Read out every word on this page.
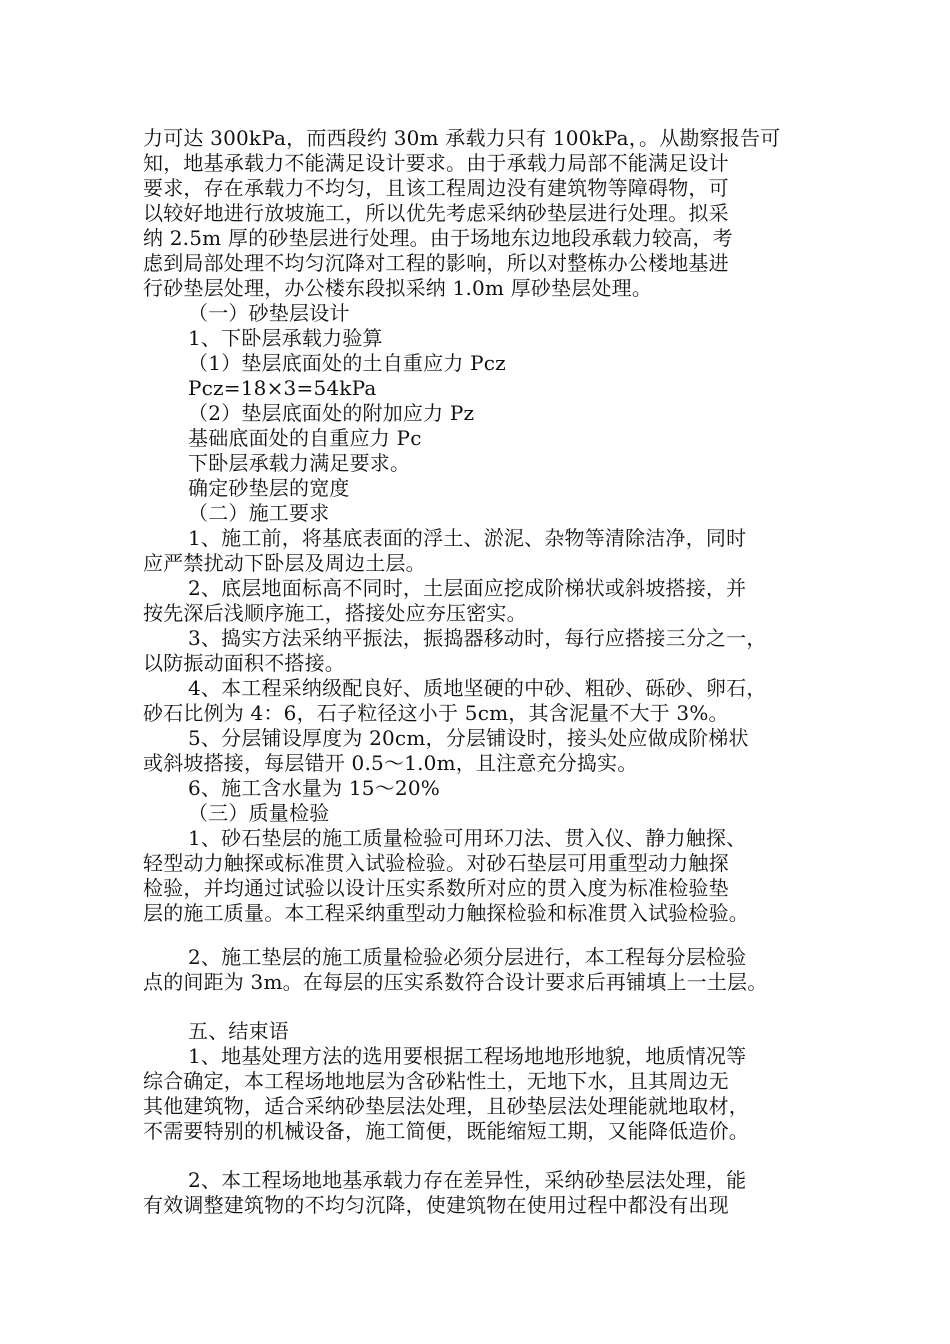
力可达 300kPa，而西段约 30m 承载力只有 100kPa，。从勘察报告可
知，地基承载力不能满足设计要求。由于承载力局部不能满足设计
要求，存在承载力不均匀，且该工程周边没有建筑物等障碍物，可
以较好地进行放坡施工，所以优先考虑采纳砂垫层进行处理。拟采
纳 2.5m 厚的砂垫层进行处理。由于场地东边地段承载力较高，考
虑到局部处理不均匀沉降对工程的影响，所以对整栋办公楼地基进
行砂垫层处理，办公楼东段拟采纳 1.0m 厚砂垫层处理。
（一）砂垫层设计
1、下卧层承载力验算
（1）垫层底面处的土自重应力 Pcz
Pcz=18×3=54kPa
（2）垫层底面处的附加应力 Pz
基础底面处的自重应力 Pc
下卧层承载力满足要求。
确定砂垫层的宽度
（二）施工要求
1、施工前，将基底表面的浮土、淤泥、杂物等清除洁净，同时
应严禁扰动下卧层及周边土层。
2、底层地面标高不同时，土层面应挖成阶梯状或斜坡搭接，并
按先深后浅顺序施工，搭接处应夯压密实。
3、捣实方法采纳平振法，振捣器移动时，每行应搭接三分之一，
以防振动面积不搭接。
4、本工程采纳级配良好、质地坚硬的中砂、粗砂、砾砂、卵石，
砂石比例为 4：6，石子粒径这小于 5cm，其含泥量不大于 3%。
5、分层铺设厚度为 20cm，分层铺设时，接头处应做成阶梯状
或斜坡搭接，每层错开 0.5～1.0m，且注意充分捣实。
6、施工含水量为 15～20%
（三）质量检验
1、砂石垫层的施工质量检验可用环刀法、贯入仪、静力触探、
轻型动力触探或标准贯入试验检验。对砂石垫层可用重型动力触探
检验，并均通过试验以设计压实系数所对应的贯入度为标准检验垫
层的施工质量。本工程采纳重型动力触探检验和标准贯入试验检验。
2、施工垫层的施工质量检验必须分层进行，本工程每分层检验
点的间距为 3m。在每层的压实系数符合设计要求后再铺填上一土层。
五、结束语
1、地基处理方法的选用要根据工程场地地形地貌，地质情况等
综合确定，本工程场地地层为含砂粘性土，无地下水，且其周边无
其他建筑物，适合采纳砂垫层法处理，且砂垫层法处理能就地取材，
不需要特别的机械设备，施工简便，既能缩短工期，又能降低造价。
2、本工程场地地基承载力存在差异性，采纳砂垫层法处理，能
有效调整建筑物的不均匀沉降，使建筑物在使用过程中都没有出现
